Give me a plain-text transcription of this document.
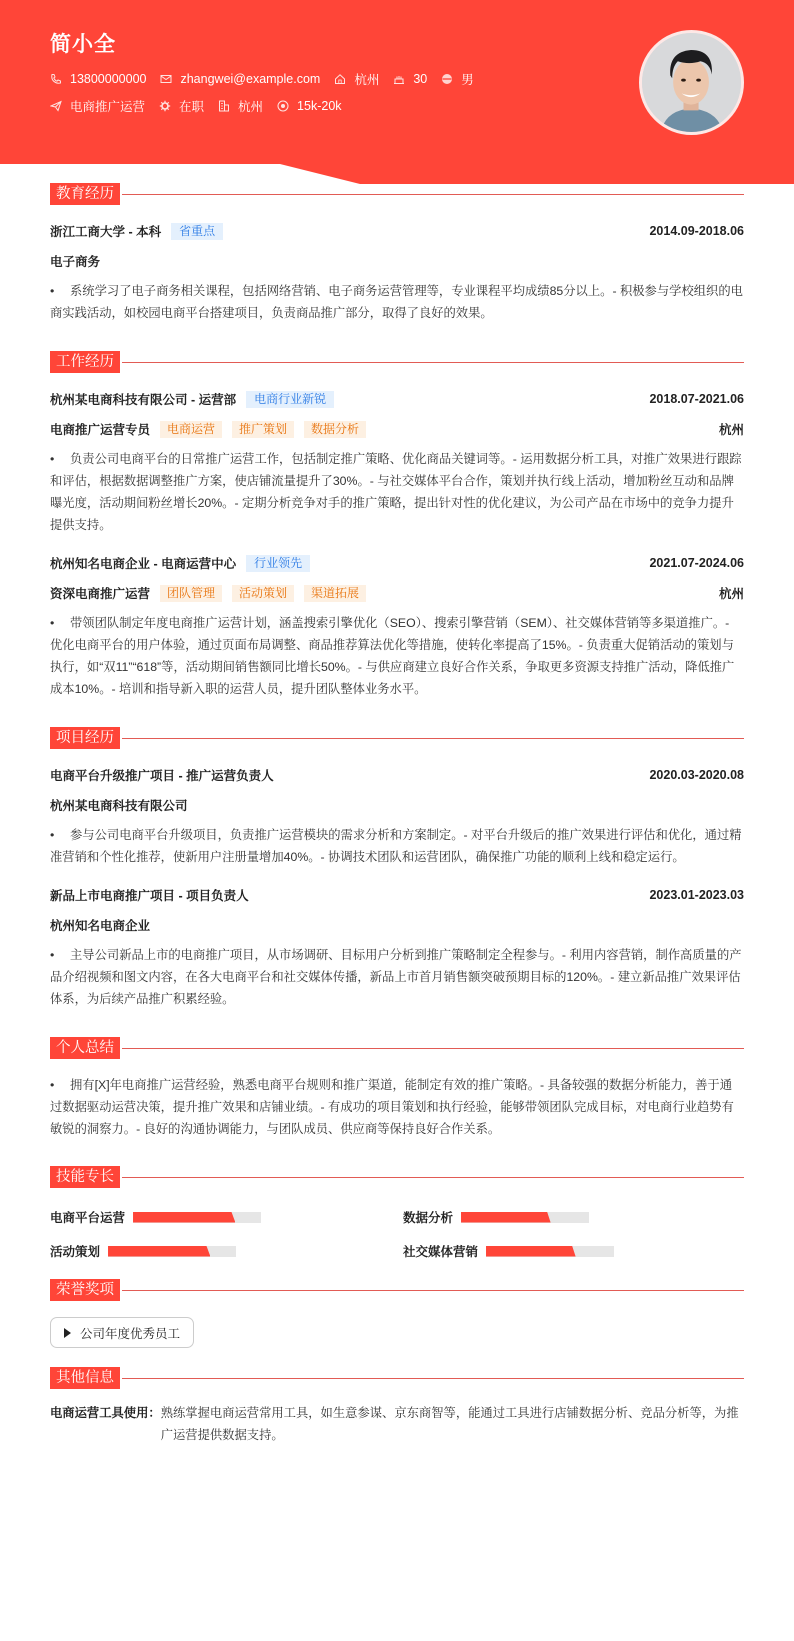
简小全
13800000000	zhangwei@example.com	杭州	30	男
电商推广运营	在职	杭州	15k-20k
教育经历
浙江工商大学 - 本科	省重点	2014.09-2018.06
电子商务
• 系统学习了电子商务相关课程，包括网络营销、电子商务运营管理等，专业课程平均成绩85分以上。- 积极参与学校组织的电商实践活动，如校园电商平台搭建项目，负责商品推广部分，取得了良好的效果。
工作经历
杭州某电商科技有限公司 - 运营部	电商行业新锐	2018.07-2021.06
电商推广运营专员	电商运营	推广策划	数据分析	杭州
• 负责公司电商平台的日常推广运营工作，包括制定推广策略、优化商品关键词等。- 运用数据分析工具，对推广效果进行跟踪和评估，根据数据调整推广方案，使店铺流量提升了30%。- 与社交媒体平台合作，策划并执行线上活动，增加粉丝互动和品牌曝光度，活动期间粉丝增长20%。- 定期分析竞争对手的推广策略，提出针对性的优化建议，为公司产品在市场中的竞争力提升提供支持。
杭州知名电商企业 - 电商运营中心	行业领先	2021.07-2024.06
资深电商推广运营	团队管理	活动策划	渠道拓展	杭州
• 带领团队制定年度电商推广运营计划，涵盖搜索引擎优化（SEO）、搜索引擎营销（SEM）、社交媒体营销等多渠道推广。- 优化电商平台的用户体验，通过页面布局调整、商品推荐算法优化等措施，使转化率提高了15%。- 负责重大促销活动的策划与执行，如“双11”“618”等，活动期间销售额同比增长50%。- 与供应商建立良好合作关系，争取更多资源支持推广活动，降低推广成本10%。- 培训和指导新入职的运营人员，提升团队整体业务水平。
项目经历
电商平台升级推广项目 - 推广运营负责人	2020.03-2020.08
杭州某电商科技有限公司
• 参与公司电商平台升级项目，负责推广运营模块的需求分析和方案制定。- 对平台升级后的推广效果进行评估和优化，通过精准营销和个性化推荐，使新用户注册量增加40%。- 协调技术团队和运营团队，确保推广功能的顺利上线和稳定运行。
新品上市电商推广项目 - 项目负责人	2023.01-2023.03
杭州知名电商企业
• 主导公司新品上市的电商推广项目，从市场调研、目标用户分析到推广策略制定全程参与。- 利用内容营销，制作高质量的产品介绍视频和图文内容，在各大电商平台和社交媒体传播，新品上市首月销售额突破预期目标的120%。- 建立新品推广效果评估体系，为后续产品推广积累经验。
个人总结
• 拥有[X]年电商推广运营经验，熟悉电商平台规则和推广渠道，能制定有效的推广策略。- 具备较强的数据分析能力，善于通过数据驱动运营决策，提升推广效果和店铺业绩。- 有成功的项目策划和执行经验，能够带领团队完成目标，对电商行业趋势有敏锐的洞察力。- 良好的沟通协调能力，与团队成员、供应商等保持良好合作关系。
技能专长
电商平台运营	数据分析
活动策划	社交媒体营销
荣誉奖项
公司年度优秀员工
其他信息
电商运营工具使用： 熟练掌握电商运营常用工具，如生意参谋、京东商智等，能通过工具进行店铺数据分析、竞品分析等，为推广运营提供数据支持。
